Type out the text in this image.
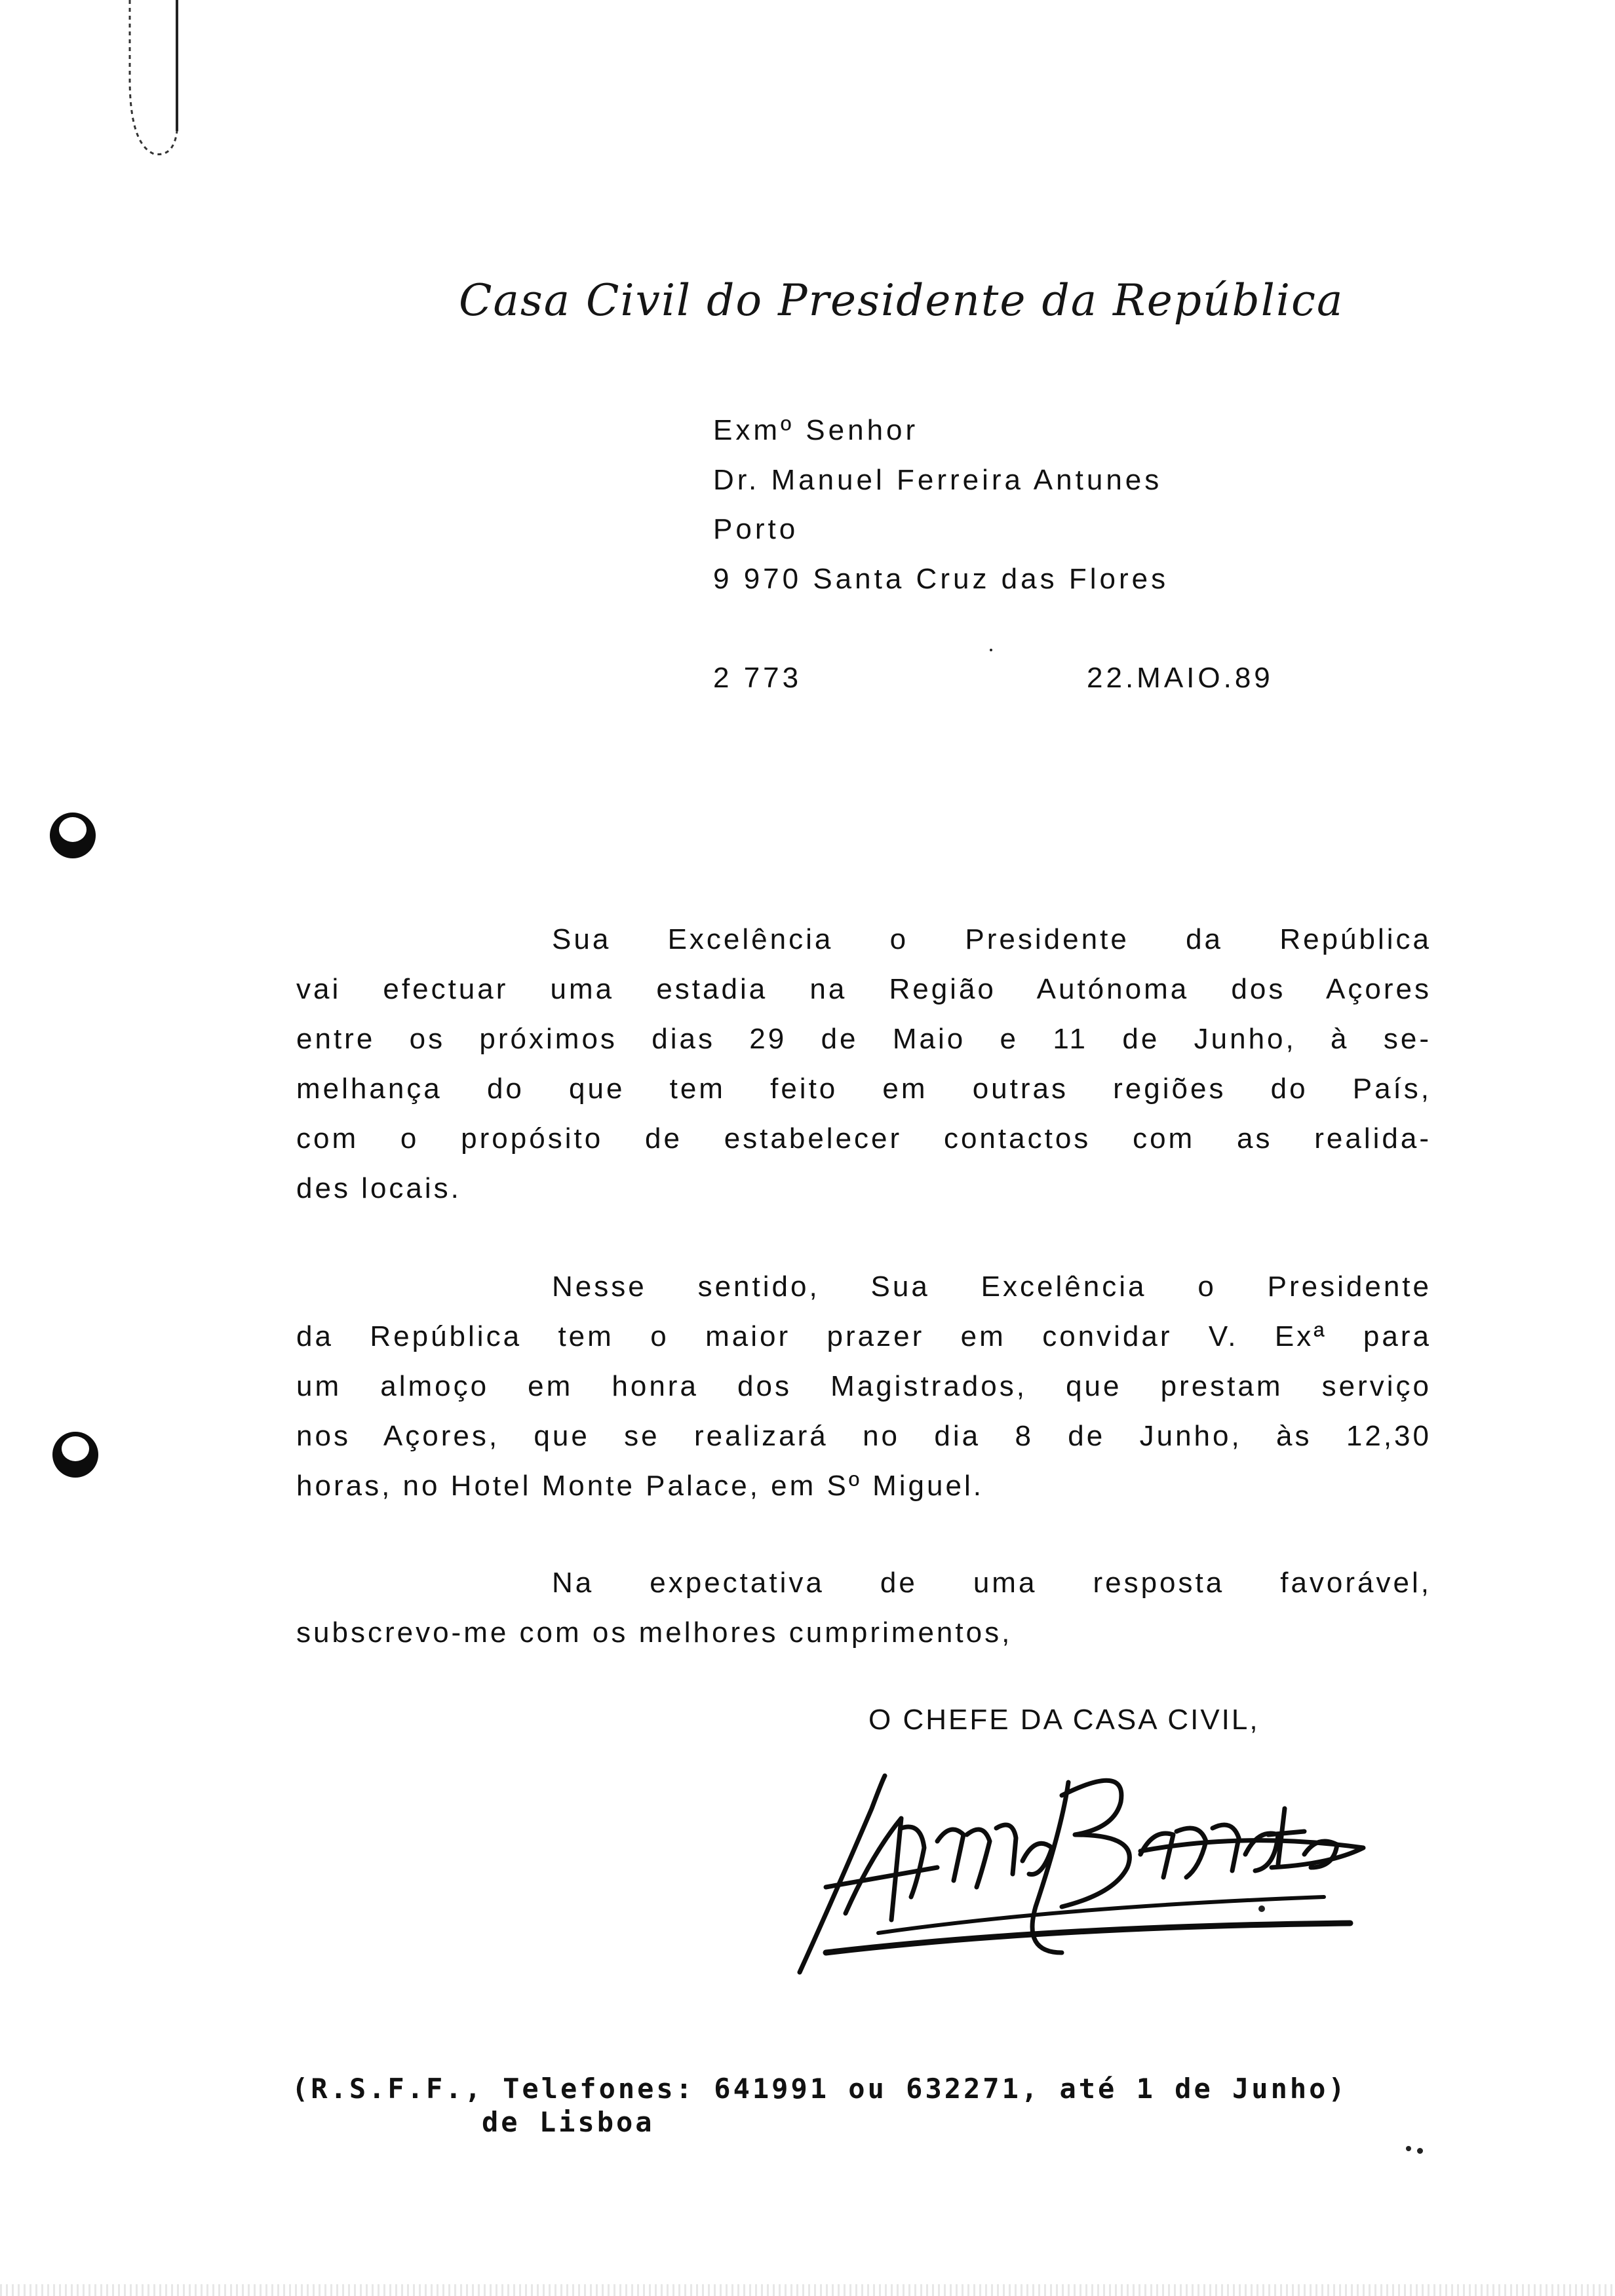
Casa Civil do Presidente da República
Exmº Senhor
Dr. Manuel Ferreira Antunes
Porto
9 970 Santa Cruz das Flores
2 773	22.MAIO.89
Sua Excelência o Presidente da República
vai efectuar uma estadia na Região Autónoma dos Açores
entre os próximos dias 29 de Maio e 11 de Junho, à se-
melhança do que tem feito em outras regiões do País,
com o propósito de estabelecer contactos com as realida-
des locais.
Nesse sentido, Sua Excelência o Presidente
da República tem o maior prazer em convidar V. Exª para
um almoço em honra dos Magistrados, que prestam serviço
nos Açores, que se realizará no dia 8 de Junho, às 12,30
horas, no Hotel Monte Palace, em Sº Miguel.
Na expectativa de uma resposta favorável,
subscrevo-me com os melhores cumprimentos,
O CHEFE DA CASA CIVIL,
(R.S.F.F., Telefones: 641991 ou 632271, até 1 de Junho)
de Lisboa
